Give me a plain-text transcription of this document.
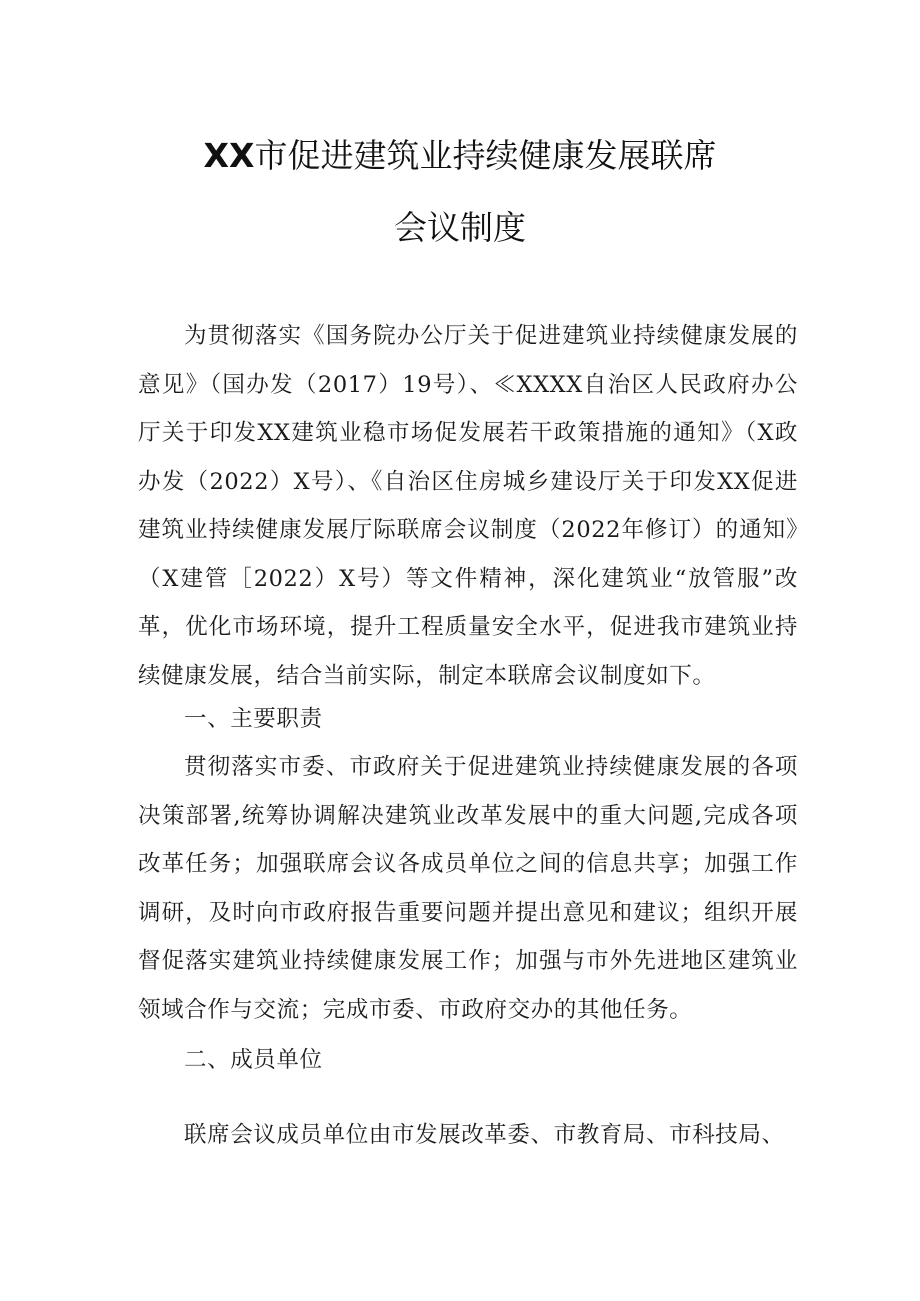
XX市促进建筑业持续健康发展联席
会议制度

为贯彻落实《国务院办公厅关于促进建筑业持续健康发展的意见》（国办发（2017）19号）、≪XXXX自治区人民政府办公厅关于印发XX建筑业稳市场促发展若干政策措施的通知》（X政办发（2022）X号）、《自治区住房城乡建设厅关于印发XX促进建筑业持续健康发展厅际联席会议制度（2022年修订）的通知》（X建管［2022）X号）等文件精神，深化建筑业“放管服”改革，优化市场环境，提升工程质量安全水平，促进我市建筑业持续健康发展，结合当前实际，制定本联席会议制度如下。

一、主要职责

贯彻落实市委、市政府关于促进建筑业持续健康发展的各项决策部署,统筹协调解决建筑业改革发展中的重大问题,完成各项改革任务；加强联席会议各成员单位之间的信息共享；加强工作调研，及时向市政府报告重要问题并提出意见和建议；组织开展督促落实建筑业持续健康发展工作；加强与市外先进地区建筑业领域合作与交流；完成市委、市政府交办的其他任务。

二、成员单位

联席会议成员单位由市发展改革委、市教育局、市科技局、
